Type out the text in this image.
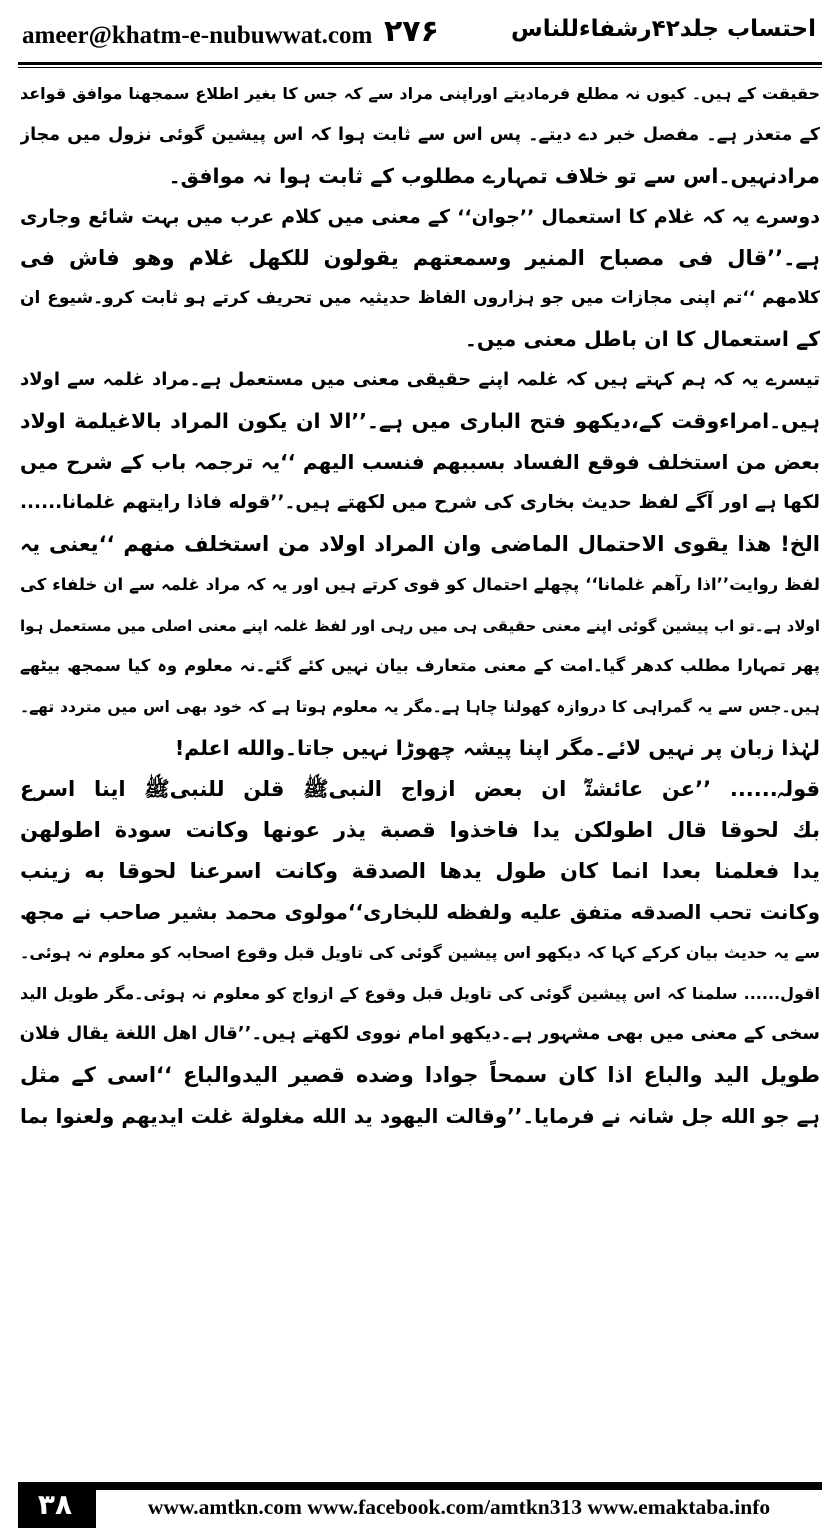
ameer@khatm-e-nubuwwat.com ۲۷۶	احتساب جلد۴۲رشفاءللناس
حقیقت کے ہیں۔ کیوں نہ مطلع فرمادیتے اوراپنی مراد سے کہ جس کا بغیر اطلاع سمجھنا موافق قواعد
کے متعذر ہے۔ مفصل خبر دے دیتے۔ پس اس سے ثابت ہوا کہ اس پیشین گوئی نزول میں مجاز
مرادنہیں۔اس سے تو خلاف تمہارے مطلوب کے ثابت ہوا نہ موافق۔
دوسرے یہ کہ غلام کا استعمال ’’جوان‘‘ کے معنی میں کلام عرب میں بہت شائع وجاری
ہے۔’’قال فی مصباح المنیر وسمعتهم یقولون للکهل غلام وهو فاش فی
کلامهم ‘‘تم اپنی مجازات میں جو ہزاروں الفاظ حدیثیہ میں تحریف کرتے ہو ثابت کرو۔شیوع ان
کے استعمال کا ان باطل معنی میں۔
تیسرے یہ کہ ہم کہتے ہیں کہ غلمہ اپنے حقیقی معنی میں مستعمل ہے۔مراد غلمہ سے اولاد
ہیں۔امراءوقت کے،دیکھو فتح الباری میں ہے۔’’الا ان یکون المراد بالاغیلمة اولاد
بعض من استخلف فوقع الفساد بسببهم فنسب الیهم ‘‘یہ ترجمہ باب کے شرح میں
لکھا ہے اور آگے لفظ حدیث بخاری کی شرح میں لکھتے ہیں۔’’قوله فاذا رایتهم غلمانا......
الخ! هذا یقوی الاحتمال الماضی وان المراد اولاد من استخلف منهم ‘‘یعنی یہ
لفظ روایت’’اذا رآهم غلمانا‘‘ پچھلے احتمال کو قوی کرتے ہیں اور یہ کہ مراد غلمہ سے ان خلفاء کی
اولاد ہے۔تو اب پیشین گوئی اپنے معنی حقیقی ہی میں رہی اور لفظ غلمہ اپنے معنی اصلی میں مستعمل ہوا
پھر تمہارا مطلب کدھر گیا۔امت کے معنی متعارف بیان نہیں کئے گئے۔نہ معلوم وہ کیا سمجھ بیٹھے
ہیں۔جس سے یہ گمراہی کا دروازہ کھولنا چاہا ہے۔مگر یہ معلوم ہوتا ہے کہ خود بھی اس میں متردد تھے۔
لہٰذا زبان پر نہیں لائے۔مگر اپنا پیشہ چھوڑا نہیں جاتا۔والله اعلم!
قولہ...... ’’عن عائشةؓ ان بعض ازواج النبیﷺ قلن للنبیﷺ اینا اسرع
بك لحوقا قال اطولکن یدا فاخذوا قصبة یذر عونها وکانت سودة اطولهن
یدا فعلمنا بعدا انما کان طول یدها الصدقة وکانت اسرعنا لحوقا به زینب
وکانت تحب الصدقه متفق علیه ولفظه للبخاری‘‘مولوی محمد بشیر صاحب نے مجھ
سے یہ حدیث بیان کرکے کہا کہ دیکھو اس پیشین گوئی کی تاویل قبل وقوع اصحابہ کو معلوم نہ ہوئی۔
اقول...... سلمنا کہ اس پیشین گوئی کی تاویل قبل وقوع کے ازواج کو معلوم نہ ہوئی۔مگر طویل الید
سخی کے معنی میں بھی مشہور ہے۔دیکھو امام نووی لکھتے ہیں۔’’قال اهل اللغة یقال فلان
طویل الید والباع اذا کان سمحاً جوادا وضده قصیر الیدوالباع ‘‘اسی کے مثل
ہے جو الله جل شانہ نے فرمایا۔’’وقالت الیهود ید الله مغلولة غلت ایدیهم ولعنوا بما
۳۸	www.amtkn.com www.facebook.com/amtkn313 www.emaktaba.info
